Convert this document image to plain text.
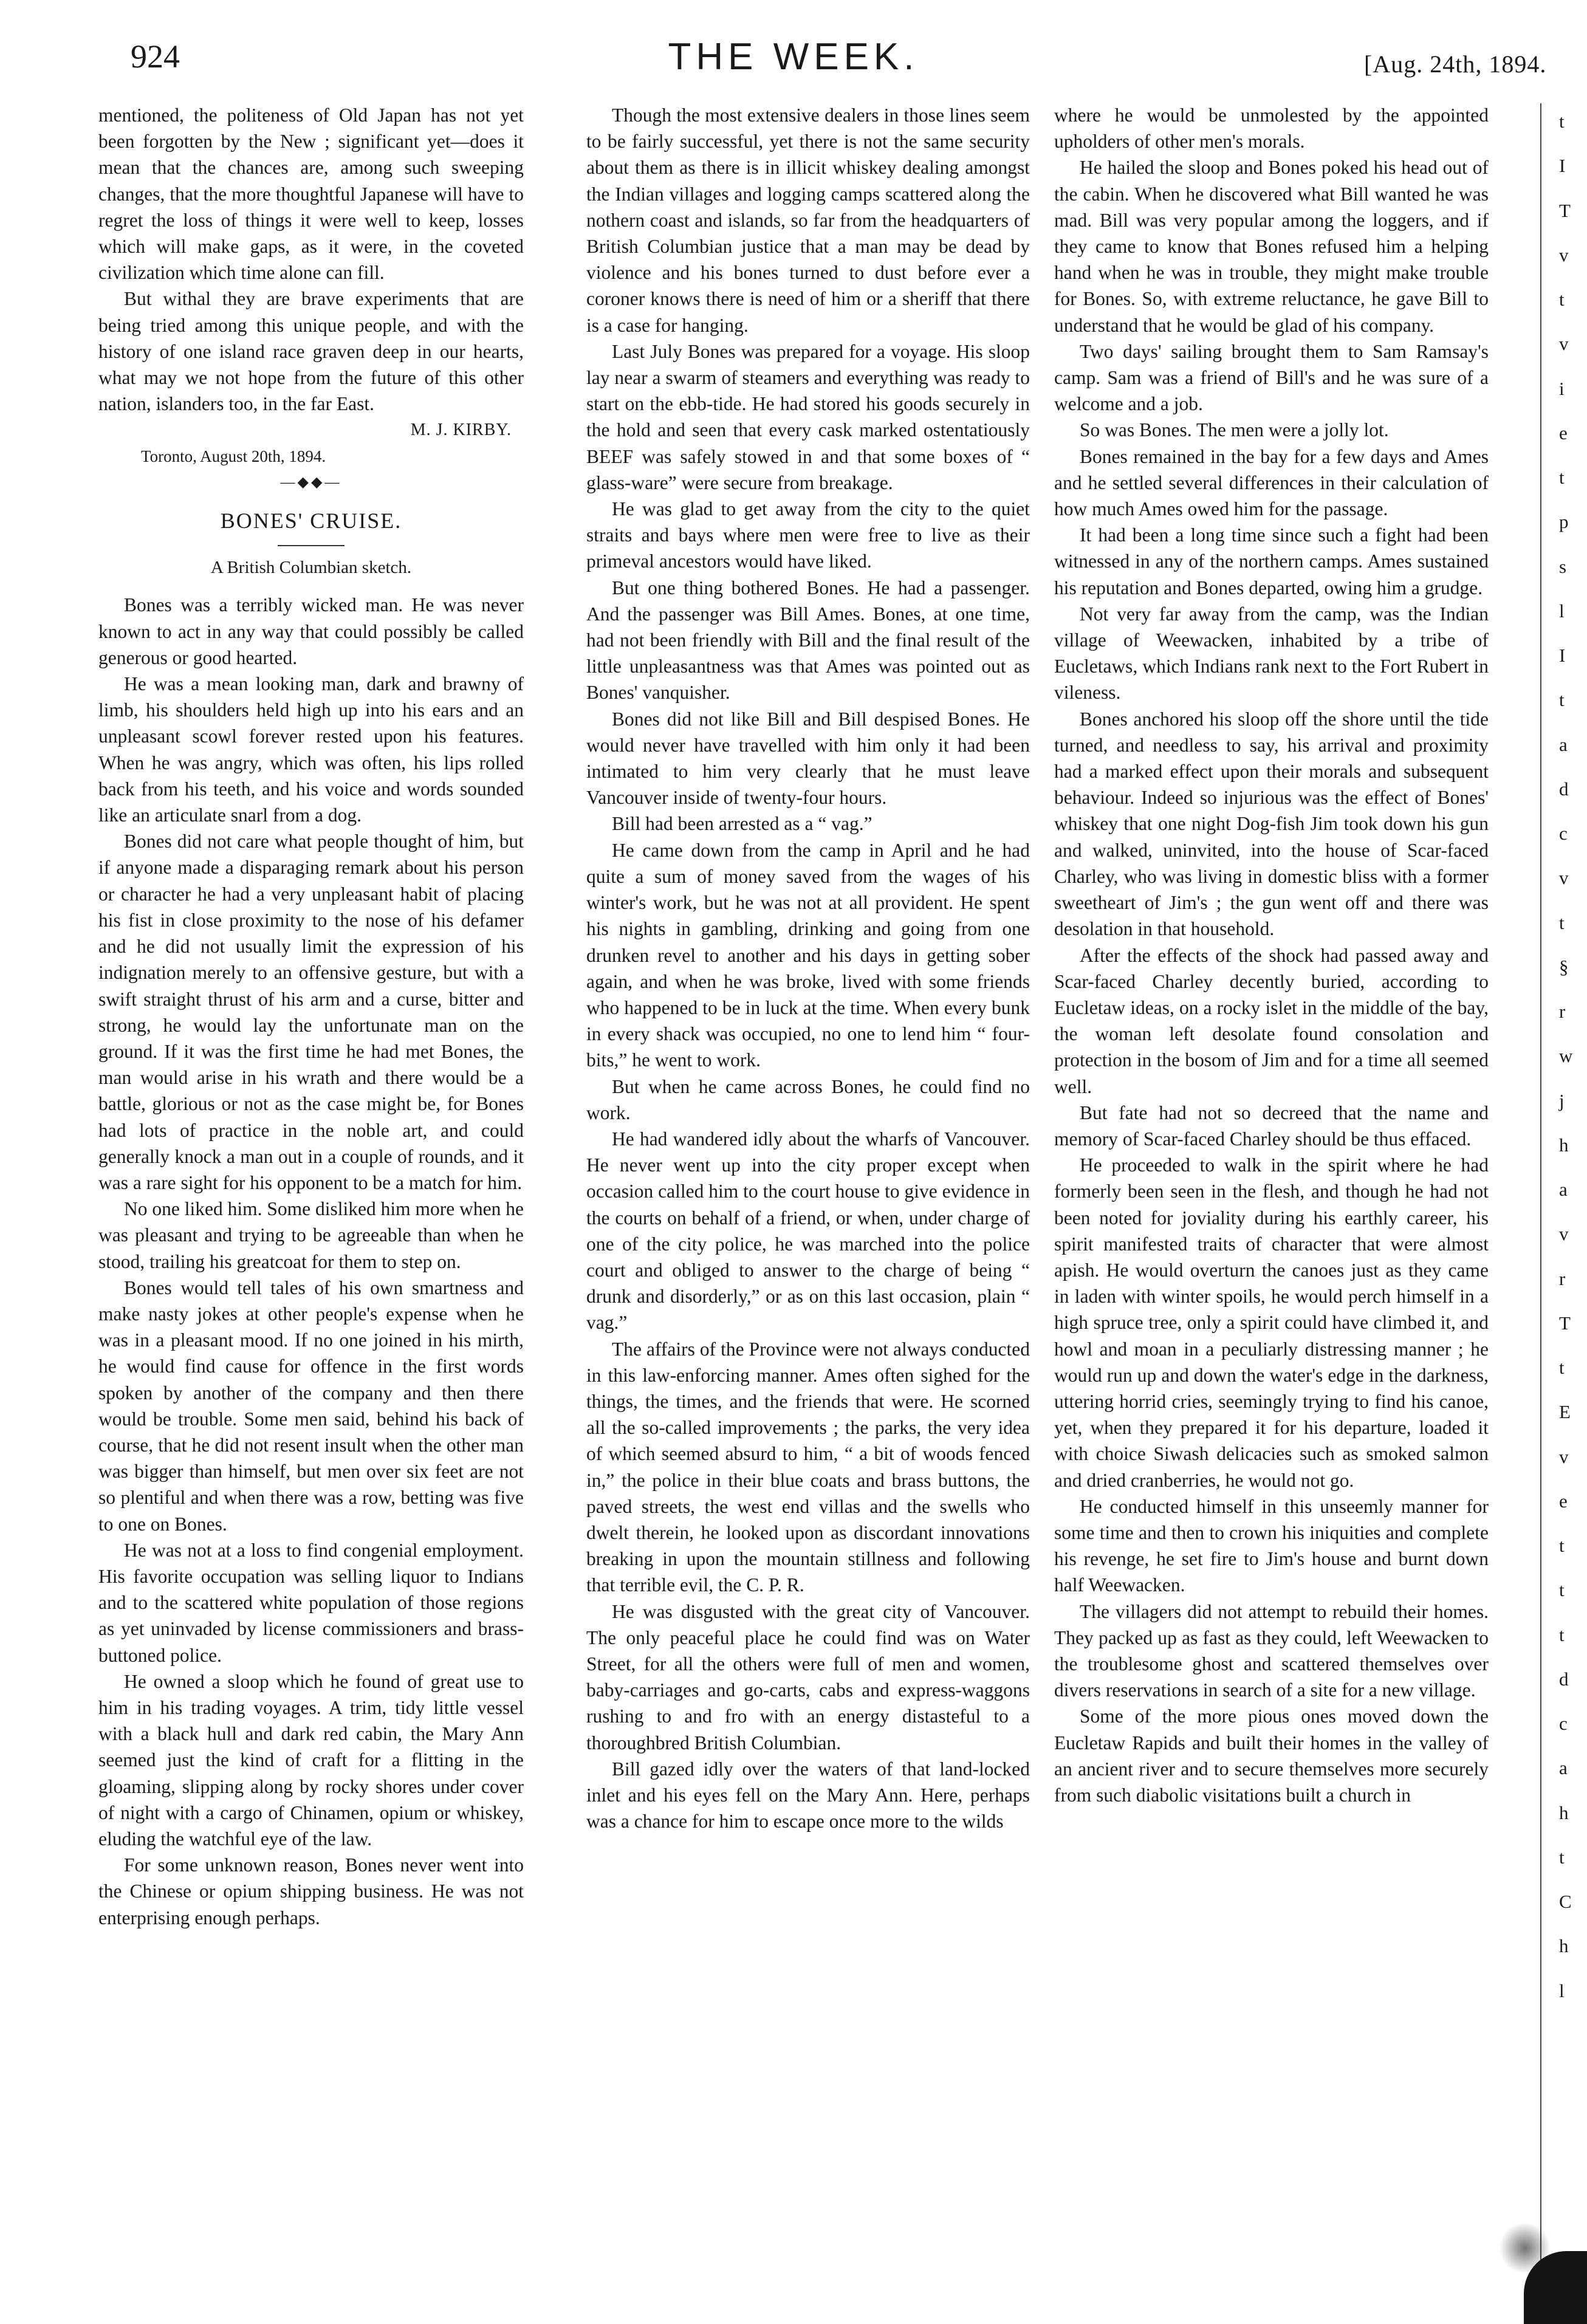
924	THE WEEK.	[Aug. 24th, 1894.

mentioned, the politeness of Old Japan has not yet been forgotten by the New ; significant yet—does it mean that the chances are, among such sweeping changes, that the more thoughtful Japanese will have to regret the loss of things it were well to keep, losses which will make gaps, as it were, in the coveted civilization which time alone can fill.

But withal they are brave experiments that are being tried among this unique people, and with the history of one island race graven deep in our hearts, what may we not hope from the future of this other nation, islanders too, in the far East.

M. J. KIRBY.

Toronto, August 20th, 1894.

—◆◆—
BONES' CRUISE.
A British Columbian sketch.

Bones was a terribly wicked man. He was never known to act in any way that could possibly be called generous or good hearted.

He was a mean looking man, dark and brawny of limb, his shoulders held high up into his ears and an unpleasant scowl forever rested upon his features. When he was angry, which was often, his lips rolled back from his teeth, and his voice and words sounded like an articulate snarl from a dog.

Bones did not care what people thought of him, but if anyone made a disparaging remark about his person or character he had a very unpleasant habit of placing his fist in close proximity to the nose of his defamer and he did not usually limit the expression of his indignation merely to an offensive gesture, but with a swift straight thrust of his arm and a curse, bitter and strong, he would lay the unfortunate man on the ground. If it was the first time he had met Bones, the man would arise in his wrath and there would be a battle, glorious or not as the case might be, for Bones had lots of practice in the noble art, and could generally knock a man out in a couple of rounds, and it was a rare sight for his opponent to be a match for him.

No one liked him. Some disliked him more when he was pleasant and trying to be agreeable than when he stood, trailing his greatcoat for them to step on.

Bones would tell tales of his own smartness and make nasty jokes at other people's expense when he was in a pleasant mood. If no one joined in his mirth, he would find cause for offence in the first words spoken by another of the company and then there would be trouble. Some men said, behind his back of course, that he did not resent insult when the other man was bigger than himself, but men over six feet are not so plentiful and when there was a row, betting was five to one on Bones.

He was not at a loss to find congenial employment. His favorite occupation was selling liquor to Indians and to the scattered white population of those regions as yet uninvaded by license commissioners and brass-buttoned police.

He owned a sloop which he found of great use to him in his trading voyages. A trim, tidy little vessel with a black hull and dark red cabin, the Mary Ann seemed just the kind of craft for a flitting in the gloaming, slipping along by rocky shores under cover of night with a cargo of Chinamen, opium or whiskey, eluding the watchful eye of the law.

For some unknown reason, Bones never went into the Chinese or opium shipping business. He was not enterprising enough perhaps.

Though the most extensive dealers in those lines seem to be fairly successful, yet there is not the same security about them as there is in illicit whiskey dealing amongst the Indian villages and logging camps scattered along the nothern coast and islands, so far from the headquarters of British Columbian justice that a man may be dead by violence and his bones turned to dust before ever a coroner knows there is need of him or a sheriff that there is a case for hanging.

Last July Bones was prepared for a voyage. His sloop lay near a swarm of steamers and everything was ready to start on the ebb-tide. He had stored his goods securely in the hold and seen that every cask marked ostentatiously BEEF was safely stowed in and that some boxes of “ glass-ware” were secure from breakage.

He was glad to get away from the city to the quiet straits and bays where men were free to live as their primeval ancestors would have liked.

But one thing bothered Bones. He had a passenger. And the passenger was Bill Ames. Bones, at one time, had not been friendly with Bill and the final result of the little unpleasantness was that Ames was pointed out as Bones' vanquisher.

Bones did not like Bill and Bill despised Bones. He would never have travelled with him only it had been intimated to him very clearly that he must leave Vancouver inside of twenty-four hours.

Bill had been arrested as a “ vag.”

He came down from the camp in April and he had quite a sum of money saved from the wages of his winter's work, but he was not at all provident. He spent his nights in gambling, drinking and going from one drunken revel to another and his days in getting sober again, and when he was broke, lived with some friends who happened to be in luck at the time. When every bunk in every shack was occupied, no one to lend him “ four-bits,” he went to work.

But when he came across Bones, he could find no work.

He had wandered idly about the wharfs of Vancouver. He never went up into the city proper except when occasion called him to the court house to give evidence in the courts on behalf of a friend, or when, under charge of one of the city police, he was marched into the police court and obliged to answer to the charge of being “ drunk and disorderly,” or as on this last occasion, plain “ vag.”

The affairs of the Province were not always conducted in this law-enforcing manner. Ames often sighed for the things, the times, and the friends that were. He scorned all the so-called improvements ; the parks, the very idea of which seemed absurd to him, “ a bit of woods fenced in,” the police in their blue coats and brass buttons, the paved streets, the west end villas and the swells who dwelt therein, he looked upon as discordant innovations breaking in upon the mountain stillness and following that terrible evil, the C. P. R.

He was disgusted with the great city of Vancouver. The only peaceful place he could find was on Water Street, for all the others were full of men and women, baby-carriages and go-carts, cabs and express-waggons rushing to and fro with an energy distasteful to a thoroughbred British Columbian.

Bill gazed idly over the waters of that land-locked inlet and his eyes fell on the Mary Ann. Here, perhaps was a chance for him to escape once more to the wilds

where he would be unmolested by the appointed upholders of other men's morals.

He hailed the sloop and Bones poked his head out of the cabin. When he discovered what Bill wanted he was mad. Bill was very popular among the loggers, and if they came to know that Bones refused him a helping hand when he was in trouble, they might make trouble for Bones. So, with extreme reluctance, he gave Bill to understand that he would be glad of his company.

Two days' sailing brought them to Sam Ramsay's camp. Sam was a friend of Bill's and he was sure of a welcome and a job.

So was Bones. The men were a jolly lot.

Bones remained in the bay for a few days and Ames and he settled several differences in their calculation of how much Ames owed him for the passage.

It had been a long time since such a fight had been witnessed in any of the northern camps. Ames sustained his reputation and Bones departed, owing him a grudge.

Not very far away from the camp, was the Indian village of Weewacken, inhabited by a tribe of Eucletaws, which Indians rank next to the Fort Rubert in vileness.

Bones anchored his sloop off the shore until the tide turned, and needless to say, his arrival and proximity had a marked effect upon their morals and subsequent behaviour. Indeed so injurious was the effect of Bones' whiskey that one night Dog-fish Jim took down his gun and walked, uninvited, into the house of Scar-faced Charley, who was living in domestic bliss with a former sweetheart of Jim's ; the gun went off and there was desolation in that household.

After the effects of the shock had passed away and Scar-faced Charley decently buried, according to Eucletaw ideas, on a rocky islet in the middle of the bay, the woman left desolate found consolation and protection in the bosom of Jim and for a time all seemed well.

But fate had not so decreed that the name and memory of Scar-faced Charley should be thus effaced.

He proceeded to walk in the spirit where he had formerly been seen in the flesh, and though he had not been noted for joviality during his earthly career, his spirit manifested traits of character that were almost apish. He would overturn the canoes just as they came in laden with winter spoils, he would perch himself in a high spruce tree, only a spirit could have climbed it, and howl and moan in a peculiarly distressing manner ; he would run up and down the water's edge in the darkness, uttering horrid cries, seemingly trying to find his canoe, yet, when they prepared it for his departure, loaded it with choice Siwash delicacies such as smoked salmon and dried cranberries, he would not go.

He conducted himself in this unseemly manner for some time and then to crown his iniquities and complete his revenge, he set fire to Jim's house and burnt down half Weewacken.

The villagers did not attempt to rebuild their homes. They packed up as fast as they could, left Weewacken to the troublesome ghost and scattered themselves over divers reservations in search of a site for a new village.

Some of the more pious ones moved down the Eucletaw Rapids and built their homes in the valley of an ancient river and to secure themselves more securely from such diabolic visitations built a church in

t
I
T
v
t
v
i
e
t
p
s
l
I
t
a
d
c
v
t
§
r
w
j
h
a
v
r
T
t
E
v
e
t
t
t
d
c
a
h
t
C
h
l
